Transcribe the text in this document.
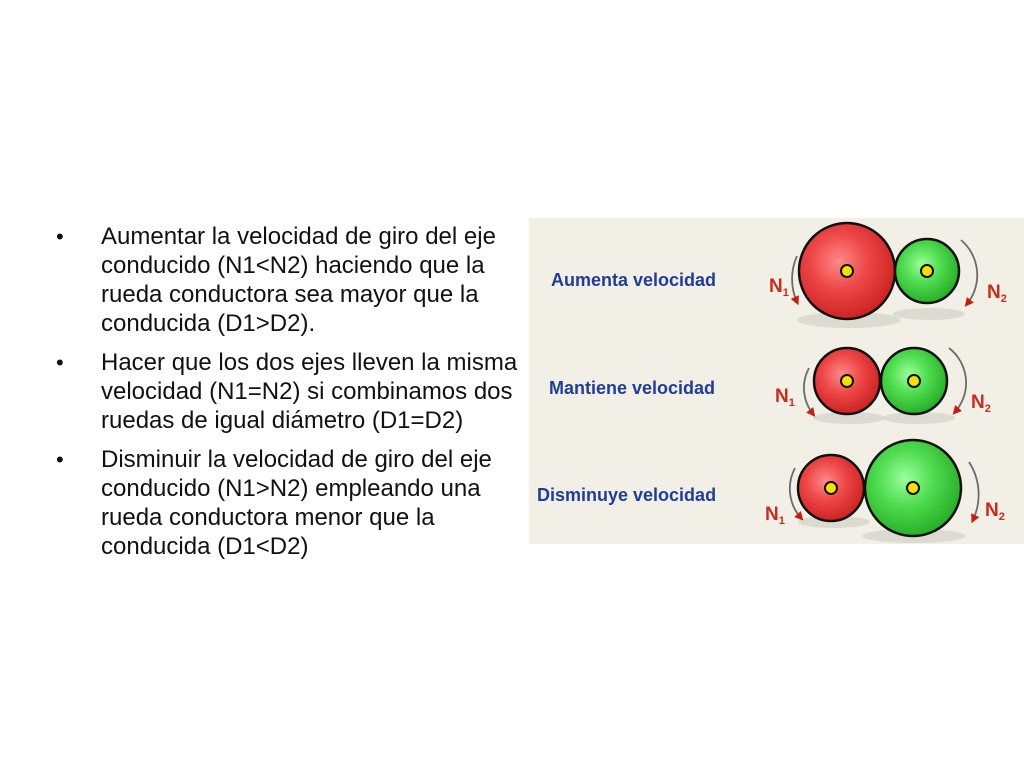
•	Aumentar la velocidad de giro del eje conducido (N1<N2) haciendo que la rueda conductora sea mayor que la conducida (D1>D2).
•	Hacer que los dos ejes lleven la misma velocidad (N1=N2) si combinamos dos ruedas de igual diámetro (D1=D2)
•	Disminuir la velocidad de giro del eje conducido (N1>N2) empleando una rueda conductora menor que la conducida (D1<D2)
Aumenta velocidad
Mantiene velocidad
Disminuye velocidad
$N_1$	$N_2$
$N_1$	$N_2$
$N_1$	$N_2$
